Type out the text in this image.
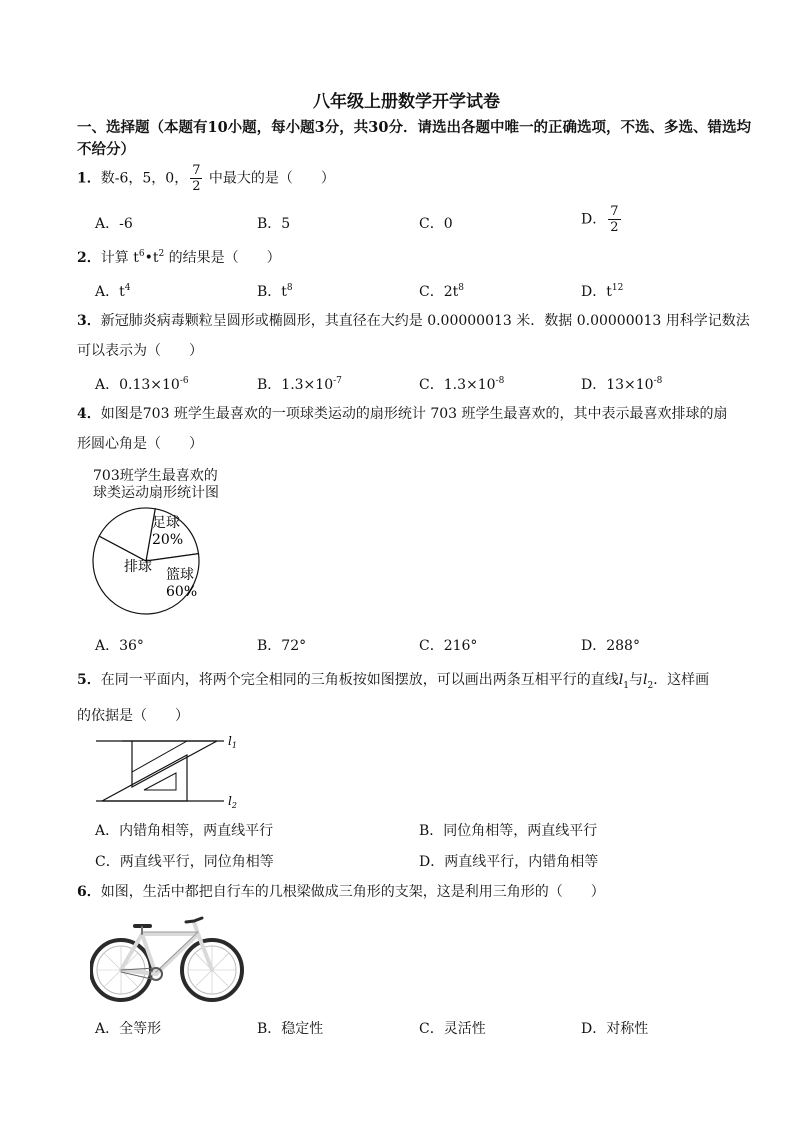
八年级上册数学开学试卷
一、选择题（本题有10小题，每小题3分，共30分．请选出各题中唯一的正确选项，不选、多选、错选均不给分）
1．数-6，5，0， $\frac{7}{2}$ 中最大的是（　　）
A．-6	B．5	C．0	D． $\frac{7}{2}$
2．计算 $t^6•t^2$ 的结果是（　　）
A．$t^4$	B．$t^8$	C．$2t^8$	D．$t^{12}$
3．新冠肺炎病毒颗粒呈圆形或椭圆形，其直径在大约是 0.00000013 米．数据 0.00000013 用科学记数法
可以表示为（　　）
A．$0.13\times 10^{-6}$	B．$1.3\times 10^{-7}$	C．$1.3\times 10^{-8}$	D．$13\times 10^{-8}$
4．如图是703 班学生最喜欢的一项球类运动的扇形统计 703 班学生最喜欢的，其中表示最喜欢排球的扇
形圆心角是（　　）
703班学生最喜欢的
球类运动扇形统计图
足球 20%
篮球 60%
排球
A．36°	B．72°	C．216°	D．288°
5．在同一平面内，将两个完全相同的三角板按如图摆放，可以画出两条互相平行的直线$l_1$与$l_2$．这样画
的依据是（　　）
$l_1$
$l_2$
A．内错角相等，两直线平行	B．同位角相等，两直线平行
C．两直线平行，同位角相等	D．两直线平行，内错角相等
6．如图，生活中都把自行车的几根梁做成三角形的支架，这是利用三角形的（　　）
A．全等形	B．稳定性	C．灵活性	D．对称性
